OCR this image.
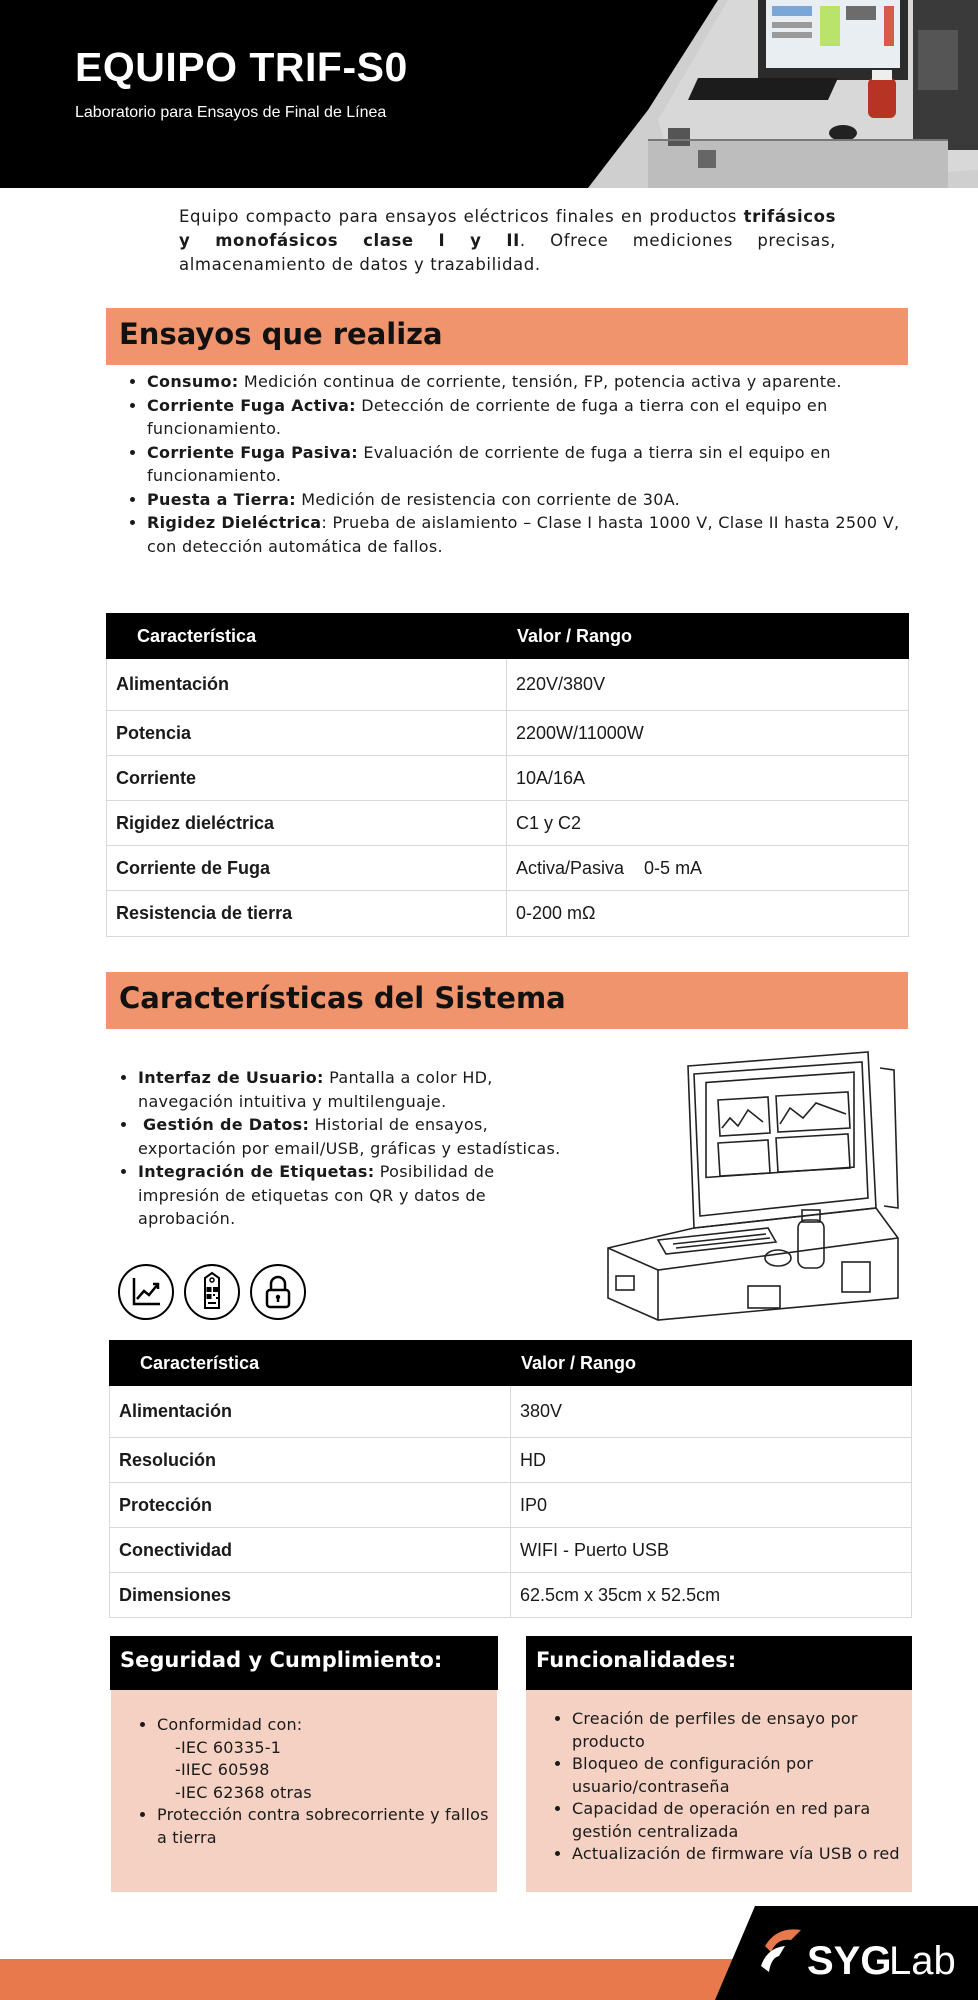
EQUIPO TRIF-S0
Laboratorio para Ensayos de Final de Línea
Equipo compacto para ensayos eléctricos finales en productos trifásicos y monofásicos clase I y II. Ofrece mediciones precisas, almacenamiento de datos y trazabilidad.
Ensayos que realiza
• Consumo: Medición continua de corriente, tensión, FP, potencia activa y aparente.
• Corriente Fuga Activa: Detección de corriente de fuga a tierra con el equipo en funcionamiento.
• Corriente Fuga Pasiva: Evaluación de corriente de fuga a tierra sin el equipo en funcionamiento.
• Puesta a Tierra: Medición de resistencia con corriente de 30A.
• Rigidez Dieléctrica: Prueba de aislamiento – Clase I hasta 1000 V, Clase II hasta 2500 V, con detección automática de fallos.
Característica	Valor / Rango
Alimentación	220V/380V
Potencia	2200W/11000W
Corriente	10A/16A
Rigidez dieléctrica	C1 y C2
Corriente de Fuga	Activa/Pasiva    0-5 mA
Resistencia de tierra	0-200 mΩ
Características del Sistema
• Interfaz de Usuario: Pantalla a color HD, navegación intuitiva y multilenguaje.
• Gestión de Datos: Historial de ensayos, exportación por email/USB, gráficas y estadísticas.
• Integración de Etiquetas: Posibilidad de impresión de etiquetas con QR y datos de aprobación.
Característica	Valor / Rango
Alimentación	380V
Resolución	HD
Protección	IP0
Conectividad	WIFI - Puerto USB
Dimensiones	62.5cm x 35cm x 52.5cm
Seguridad y Cumplimiento:
• Conformidad con:
-IEC 60335-1
-IIEC 60598
-IEC 62368 otras
• Protección contra sobrecorriente y fallos a tierra
Funcionalidades:
• Creación de perfiles de ensayo por producto
• Bloqueo de configuración por usuario/contraseña
• Capacidad de operación en red para gestión centralizada
• Actualización de firmware vía USB o red
SYG
Lab
